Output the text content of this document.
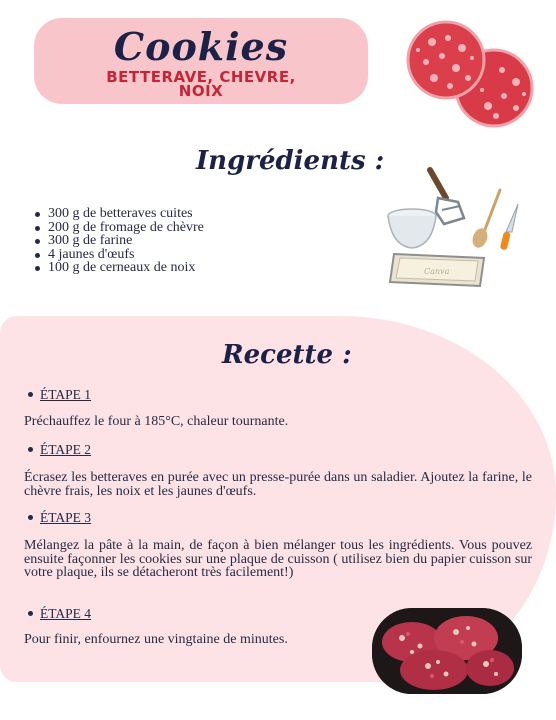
Cookies
BETTERAVE, CHEVRE,
NOIX
Ingrédients :
300 g de betteraves cuites
200 g de fromage de chèvre
300 g de farine
4 jaunes d'œufs
100 g de cerneaux de noix	Canva
Recette :
ÉTAPE 1
Préchauffez le four à 185°C, chaleur tournante.
ÉTAPE 2
Écrasez les betteraves en purée avec un presse-purée dans un saladier. Ajoutez la farine, le chèvre frais, les noix et les jaunes d'œufs.
ÉTAPE 3
Mélangez la pâte à la main, de façon à bien mélanger tous les ingrédients. Vous pouvez ensuite façonner les cookies sur une plaque de cuisson ( utilisez bien du papier cuisson sur votre plaque, ils se détacheront très facilement!)
ÉTAPE 4
Pour finir, enfournez une vingtaine de minutes.
